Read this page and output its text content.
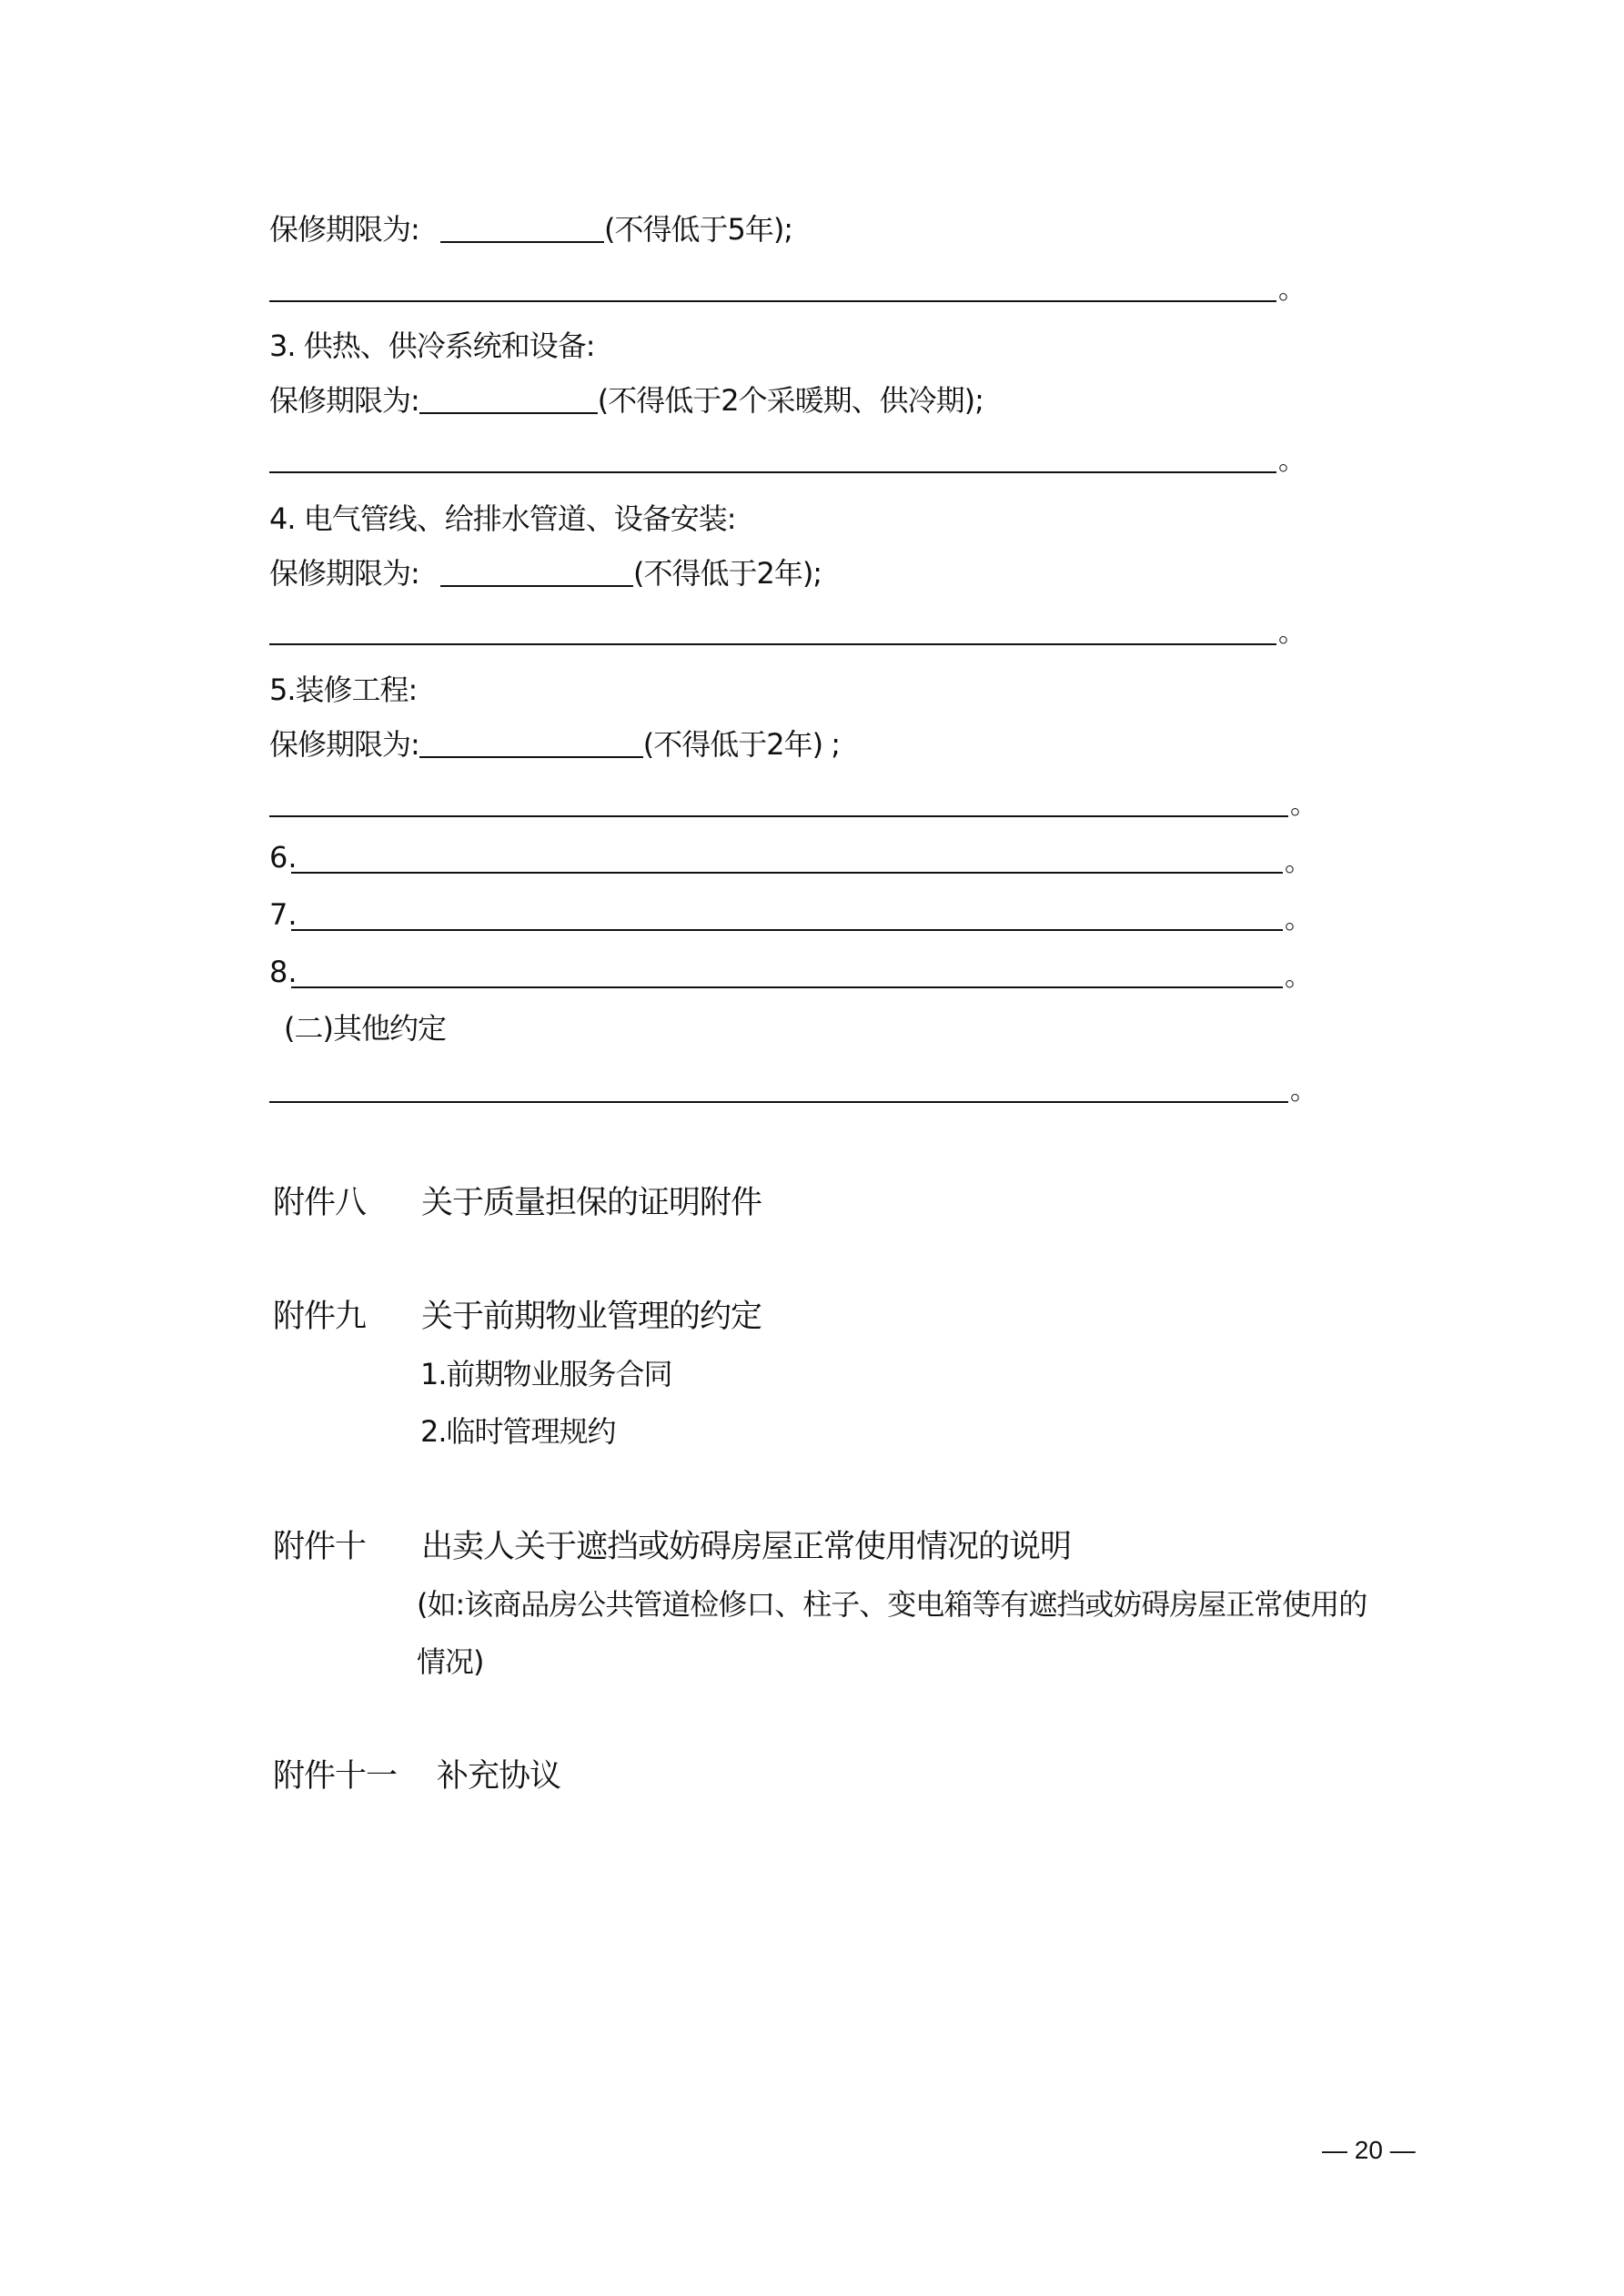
保修期限为:	(不得低于5年);
。
3. 供热、供冷系统和设备:
保修期限为:	(不得低于2个采暖期、供冷期);
。
4. 电气管线、给排水管道、设备安装:
保修期限为:	(不得低于2年);
。
5.装修工程:
保修期限为:	(不得低于2年) ;
。
6.	。
7.	。
8.	。
(二)其他约定
。
附件八 关于质量担保的证明附件
附件九 关于前期物业管理的约定
1.前期物业服务合同
2.临时管理规约
附件十 出卖人关于遮挡或妨碍房屋正常使用情况的说明
(如:该商品房公共管道检修口、柱子、变电箱等有遮挡或妨碍房屋正常使用的
情况)
附件十一 补充协议
— 20 —
